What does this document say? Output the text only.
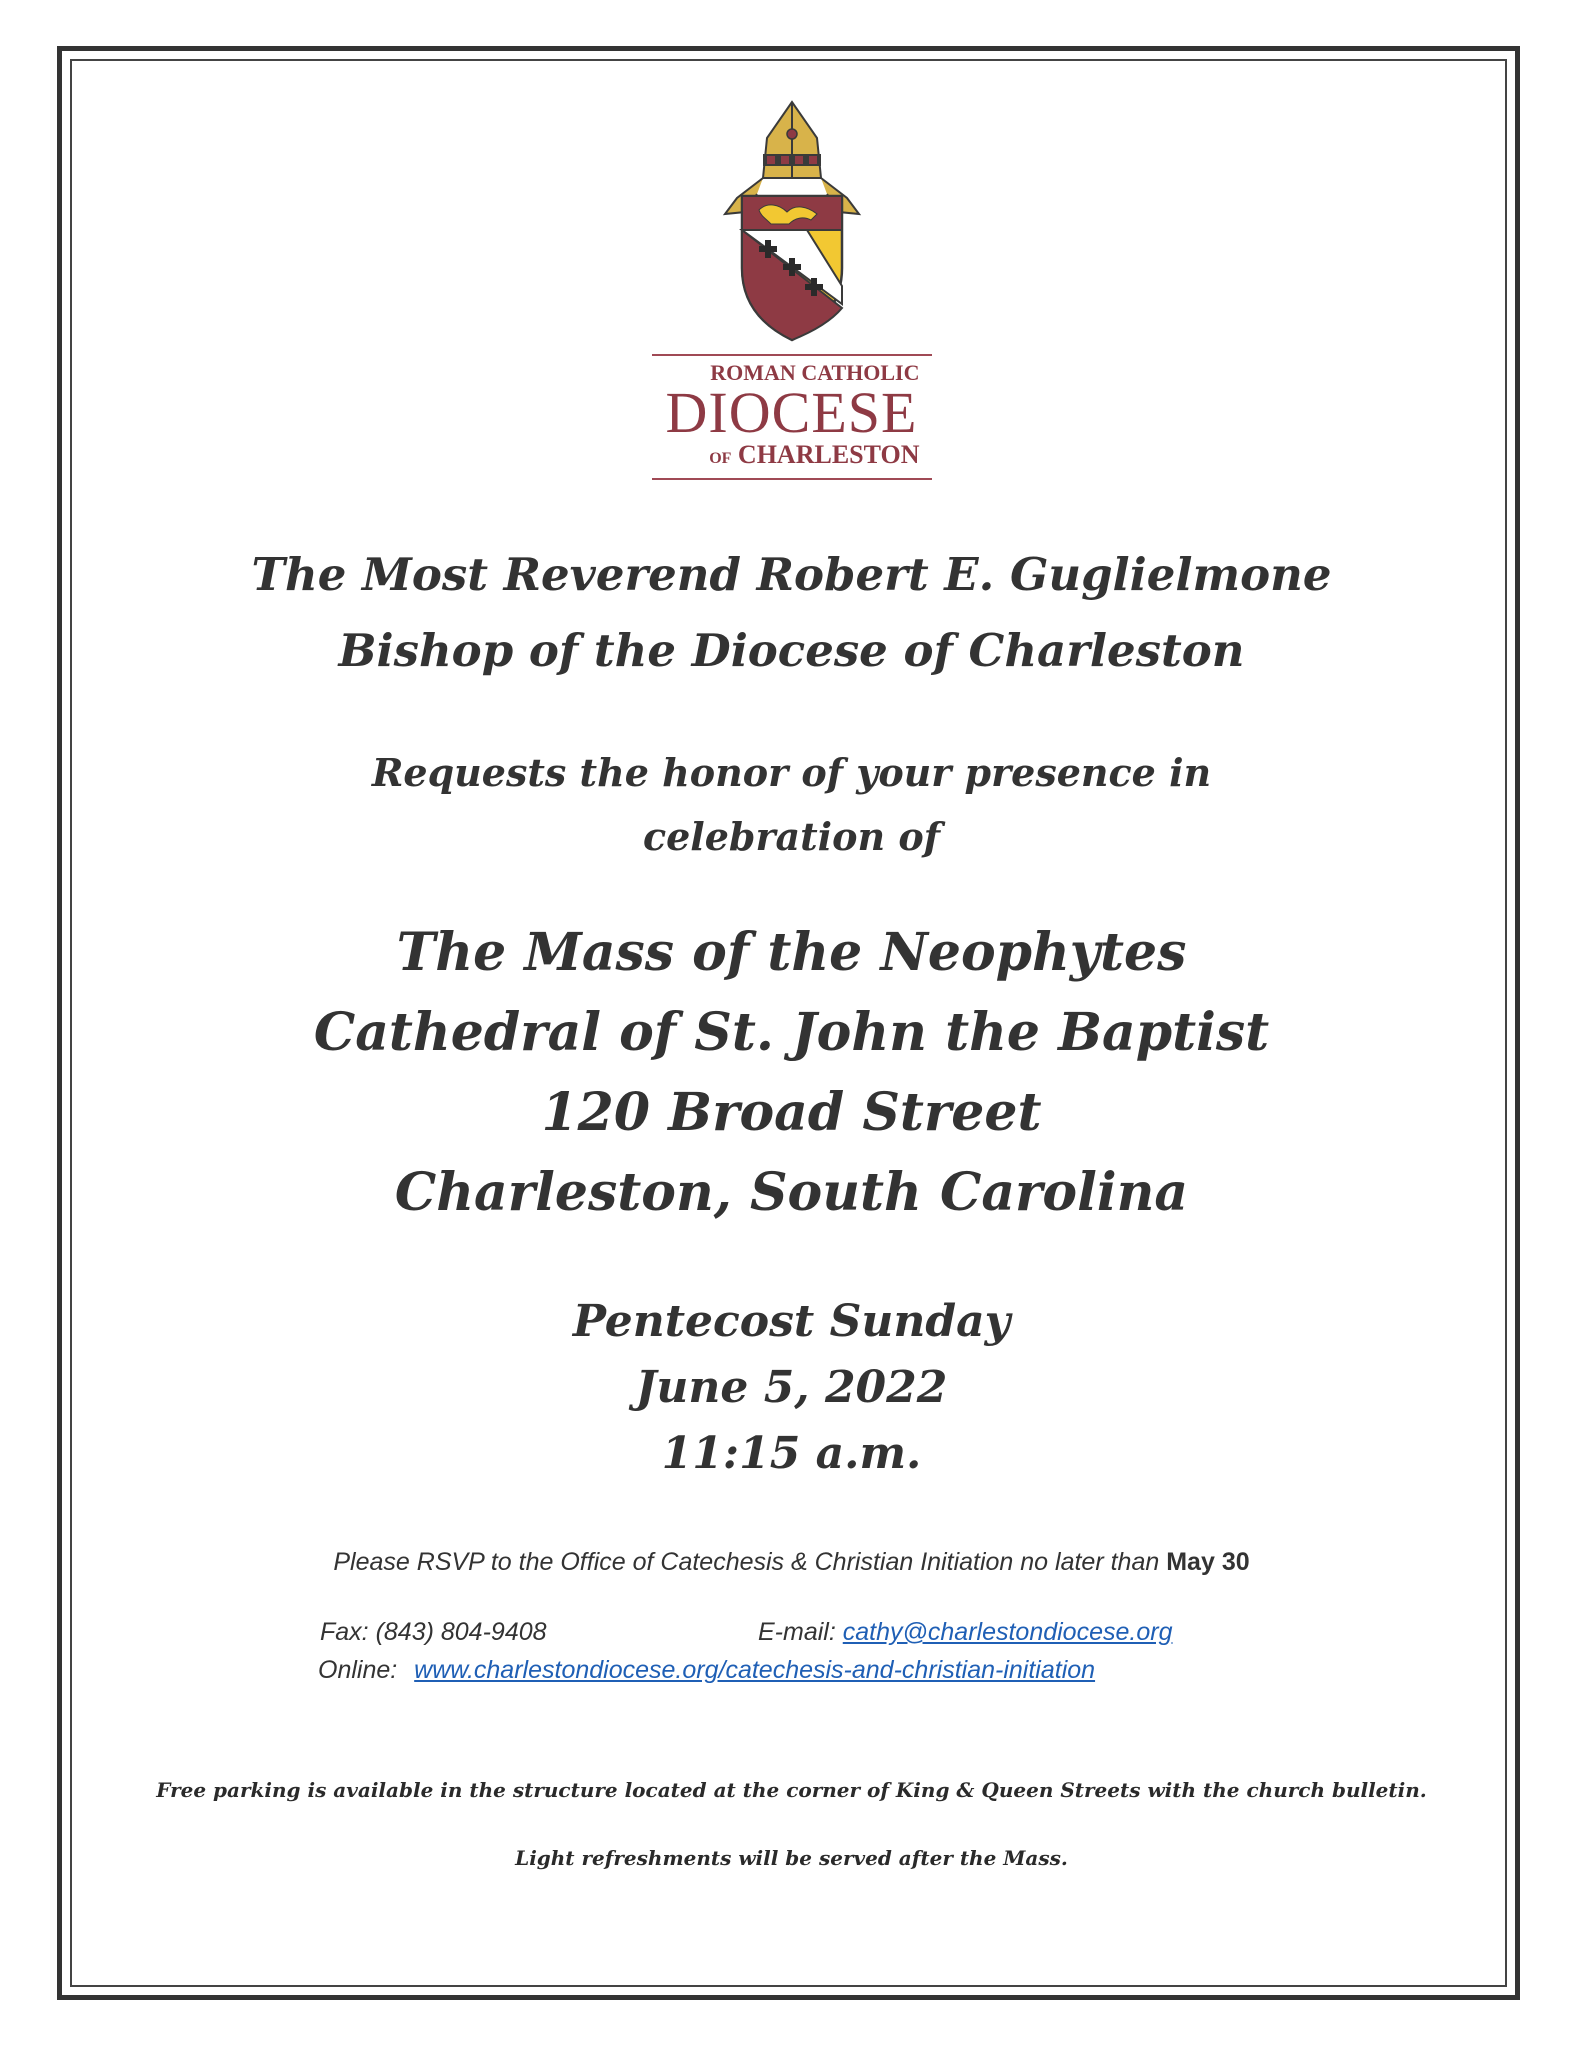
ROMAN CATHOLIC
DIOCESE
OF CHARLESTON
The Most Reverend Robert E. Guglielmone
Bishop of the Diocese of Charleston
Requests the honor of your presence in
celebration of
The Mass of the Neophytes
Cathedral of St. John the Baptist
120 Broad Street
Charleston, South Carolina
Pentecost Sunday
June 5, 2022
11:15 a.m.
Please RSVP to the Office of Catechesis & Christian Initiation no later than May 30
Fax: (843) 804-9408	E-mail: cathy@charlestondiocese.org
Online: www.charlestondiocese.org/catechesis-and-christian-initiation
Free parking is available in the structure located at the corner of King & Queen Streets with the church bulletin.
Light refreshments will be served after the Mass.
